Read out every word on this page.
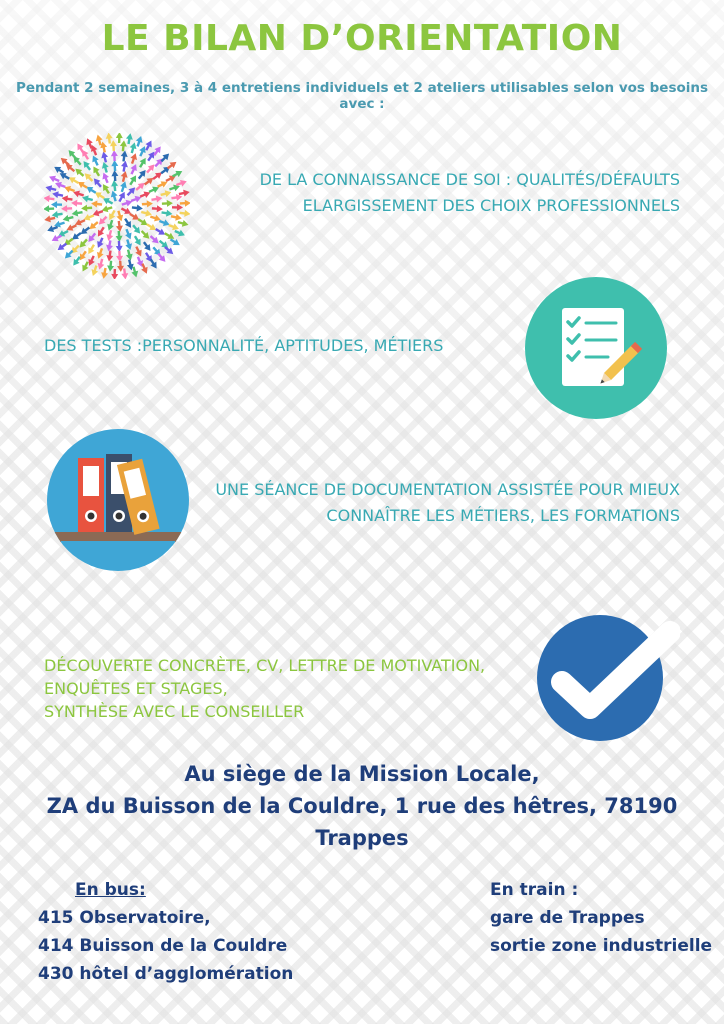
LE BILAN D’ORIENTATION
Pendant 2 semaines, 3 à 4 entretiens individuels et 2 ateliers utilisables selon vos besoins avec :
DE LA CONNAISSANCE DE SOI : QUALITÉS/DÉFAULTS
ELARGISSEMENT DES CHOIX PROFESSIONNELS
DES TESTS :PERSONNALITÉ, APTITUDES, MÉTIERS
UNE SÉANCE DE DOCUMENTATION ASSISTÉE POUR MIEUX
CONNAÎTRE LES MÉTIERS, LES FORMATIONS
DÉCOUVERTE CONCRÈTE, CV, LETTRE DE MOTIVATION,
ENQUÊTES ET STAGES,
SYNTHÈSE AVEC LE CONSEILLER
Au siège de la Mission Locale,
ZA du Buisson de la Couldre, 1 rue des hêtres, 78190 Trappes
En bus:
415 Observatoire,
414 Buisson de la Couldre
430 hôtel d’agglomération
En train :
gare de Trappes
sortie zone industrielle
